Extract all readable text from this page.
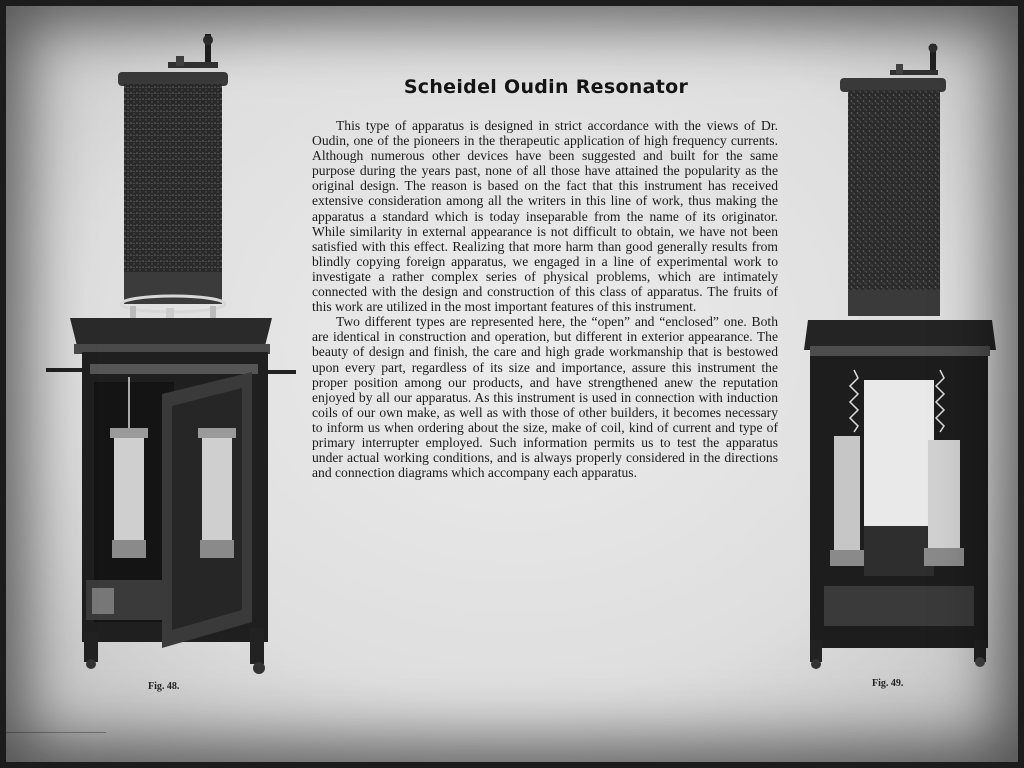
Scheidel Oudin Resonator

This type of apparatus is designed in strict accordance with the views of Dr. Oudin, one of the pioneers in the therapeutic application of high frequency currents. Although numerous other devices have been suggested and built for the same purpose during the years past, none of all those have attained the popularity as the original design. The reason is based on the fact that this instrument has received extensive consideration among all the writers in this line of work, thus making the apparatus a standard which is today inseparable from the name of its originator. While similarity in external appearance is not difficult to obtain, we have not been satisfied with this effect. Realizing that more harm than good generally results from blindly copying foreign apparatus, we engaged in a line of experimental work to investigate a rather complex series of physical problems, which are intimately connected with the design and construction of this class of apparatus. The fruits of this work are utilized in the most important features of this instrument.

Two different types are represented here, the “open” and “enclosed” one. Both are identical in construction and operation, but different in exterior appearance. The beauty of design and finish, the care and high grade workmanship that is bestowed upon every part, regardless of its size and importance, assure this instrument the proper position among our products, and have strengthened anew the reputation enjoyed by all our apparatus. As this instrument is used in connection with induction coils of our own make, as well as with those of other builders, it becomes necessary to inform us when ordering about the size, make of coil, kind of current and type of primary interrupter employed. Such information permits us to test the apparatus under actual working conditions, and is always properly considered in the directions and connection diagrams which accompany each apparatus.

Fig. 48.	Fig. 49.
